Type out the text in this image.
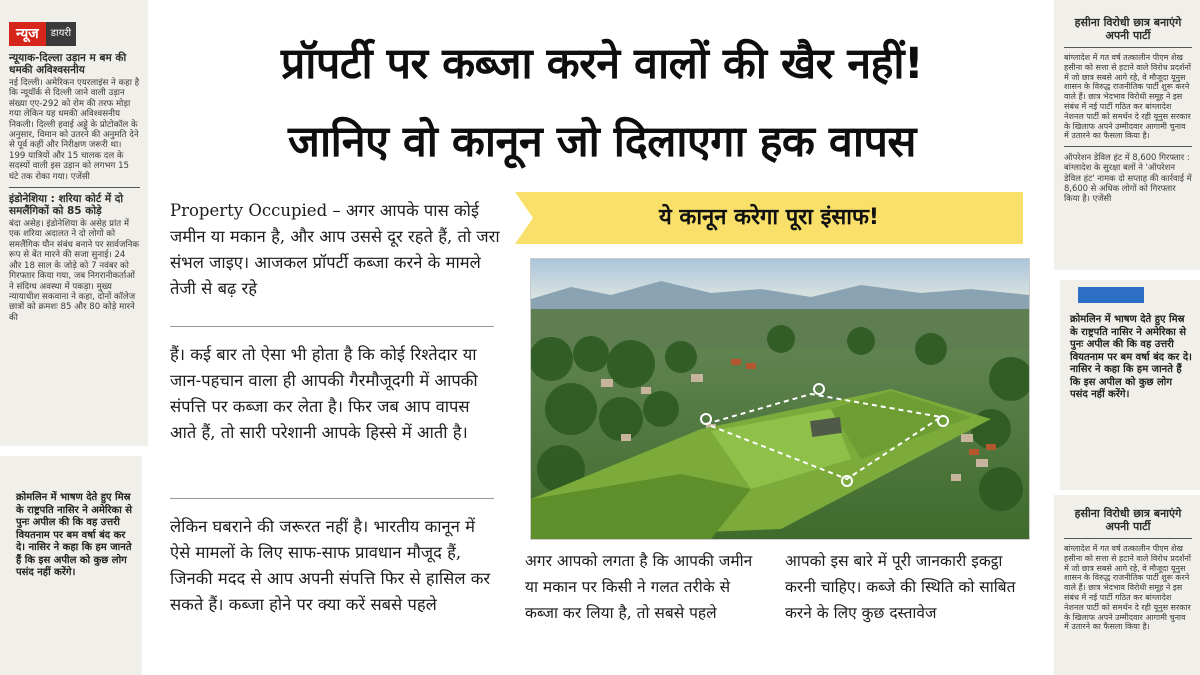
न्यूज	डायरी
न्यूयाक-दिल्ला उड़ान म बम की धमकी अविश्वसनीय
नई दिल्ली। अमेरिकन एयरलाइंस ने कहा है कि न्यूयॉर्क से दिल्ली जाने वाली उड़ान संख्या एए-292 को रोम की तरफ मोड़ा गया लेकिन यह धमकी अविश्वसनीय निकली। दिल्ली हवाई अड्डे के प्रोटोकॉल के अनुसार, विमान को उतरने की अनुमति देने से पूर्व कहीं और निरीक्षण जरूरी था। 199 यात्रियों और 15 चालक दल के सदस्यों वाली इस उड़ान को लगभग 15 घंटे तक रोका गया। एजेंसी
इंडोनेशिया : शरिया कोर्ट में दो समलैंगिकों को 85 कोड़े
बंदा असेह। इंडोनेशिया के असेह प्रांत में एक शरिया अदालत ने दो लोगों को समलैंगिक यौन संबंध बनाने पर सार्वजनिक रूप से बेंत मारने की सजा सुनाई। 24 और 18 साल के जोड़े को 7 नवंबर को गिरफ्तार किया गया, जब निगरानीकर्ताओं ने संदिग्ध अवस्था में पकड़ा। मुख्य न्यायाधीश सकवाना ने कहा, दोनों कॉलेज छात्रों को क्रमशः 85 और 80 कोड़े मारने की
क्रोमलिन में भाषण देते हुए मिस्र के राष्ट्रपति नासिर ने अमेरिका से पुनः अपील की कि वह उत्तरी वियतनाम पर बम वर्षा बंद कर दे। नासिर ने कहा कि हम जानते हैं कि इस अपील को कुछ लोग पसंद नहीं करेंगे।
हसीना विरोधी छात्र बनाएंगे अपनी पार्टी
बांग्लादेश में गत वर्ष तत्कालीन पीएम शेख हसीना को सत्ता से हटाने वाले विरोध प्रदर्शनों में जो छात्र सबसे आगे रहे, वे मौजूदा यूनुस शासन के विरुद्ध राजनीतिक पार्टी शुरू करने वाले हैं। छात्र भेदभाव विरोधी समूह ने इस संबंध में नई पार्टी गठित कर बांग्लादेश नेशनल पार्टी को समर्थन दे रही यूनुस सरकार के खिलाफ अपने उम्मीदवार आगामी चुनाव में उतारने का फैसला किया है।
ऑपरेशन डेविल हंट में 8,600 गिरफ्तार : बांग्लादेश के सुरक्षा बलों ने 'ऑपरेशन डेविल हंट' नामक दो सप्ताह की कार्रवाई में 8,600 से अधिक लोगों को गिरफ्तार किया है। एजेंसी
क्रोमलिन में भाषण देते हुए मिस्र के राष्ट्रपति नासिर ने अमेरिका से पुनः अपील की कि वह उत्तरी वियतनाम पर बम वर्षा बंद कर दे। नासिर ने कहा कि हम जानते हैं कि इस अपील को कुछ लोग पसंद नहीं करेंगे।
हसीना विरोधी छात्र बनाएंगे अपनी पार्टी
बांग्लादेश में गत वर्ष तत्कालीन पीएम शेख हसीना को सत्ता से हटाने वाले विरोध प्रदर्शनों में जो छात्र सबसे आगे रहे, वे मौजूदा यूनुस शासन के विरुद्ध राजनीतिक पार्टी शुरू करने वाले हैं। छात्र भेदभाव विरोधी समूह ने इस संबंध में नई पार्टी गठित कर बांग्लादेश नेशनल पार्टी को समर्थन दे रही यूनुस सरकार के खिलाफ अपने उम्मीदवार आगामी चुनाव में उतारने का फैसला किया है।
प्रॉपर्टी पर कब्जा करने वालों की खैर नहीं!
जानिए वो कानून जो दिलाएगा हक वापस
Property Occupied – अगर आपके पास कोई जमीन या मकान है, और आप उससे दूर रहते हैं, तो जरा संभल जाइए। आजकल प्रॉपर्टी कब्जा करने के मामले तेजी से बढ़ रहे
हैं। कई बार तो ऐसा भी होता है कि कोई रिश्तेदार या जान-पहचान वाला ही आपकी गैरमौजूदगी में आपकी संपत्ति पर कब्जा कर लेता है। फिर जब आप वापस आते हैं, तो सारी परेशानी आपके हिस्से में आती है।
लेकिन घबराने की जरूरत नहीं है। भारतीय कानून में ऐसे मामलों के लिए साफ-साफ प्रावधान मौजूद हैं, जिनकी मदद से आप अपनी संपत्ति फिर से हासिल कर सकते हैं। कब्जा होने पर क्या करें सबसे पहले
ये कानून करेगा पूरा इंसाफ!
अगर आपको लगता है कि आपकी जमीन या मकान पर किसी ने गलत तरीके से कब्जा कर लिया है, तो सबसे पहले
आपको इस बारे में पूरी जानकारी इकट्ठा करनी चाहिए। कब्जे की स्थिति को साबित करने के लिए कुछ दस्तावेज
